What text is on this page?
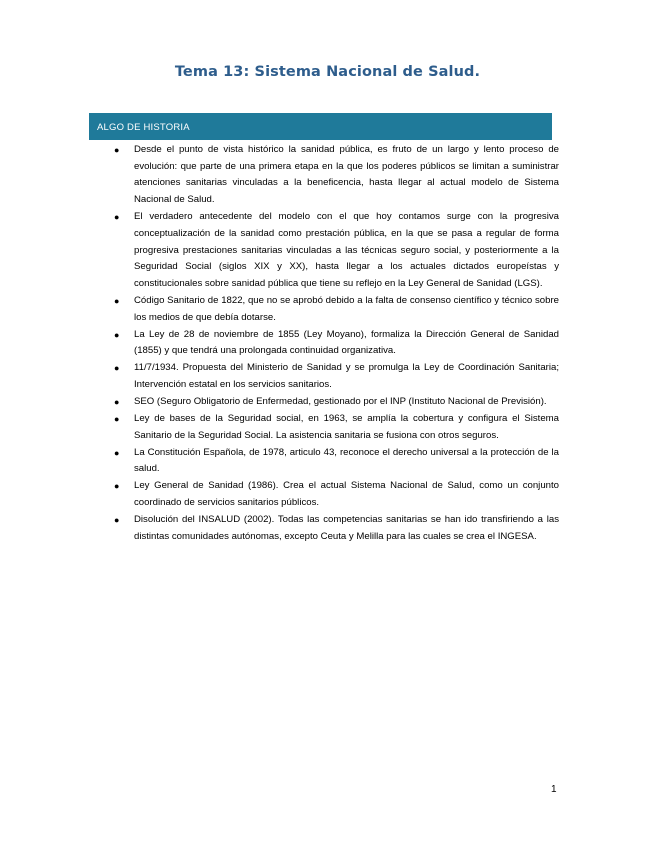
Tema 13: Sistema Nacional de Salud.
ALGO DE HISTORIA
● Desde el punto de vista histórico la sanidad pública, es fruto de un largo y lento proceso de evolución: que parte de una primera etapa en la que los poderes públicos se limitan a suministrar atenciones sanitarias vinculadas a la beneficencia, hasta llegar al actual modelo de Sistema Nacional de Salud.
● El verdadero antecedente del modelo con el que hoy contamos surge con la progresiva conceptualización de la sanidad como prestación pública, en la que se pasa a regular de forma progresiva prestaciones sanitarias vinculadas a las técnicas seguro social, y posteriormente a la Seguridad Social (siglos XIX y XX), hasta llegar a los actuales dictados europeístas y constitucionales sobre sanidad pública que tiene su reflejo en la Ley General de Sanidad (LGS).
● Código Sanitario de 1822, que no se aprobó debido a la falta de consenso científico y técnico sobre los medios de que debía dotarse.
● La Ley de 28 de noviembre de 1855 (Ley Moyano), formaliza la Dirección General de Sanidad (1855) y que tendrá una prolongada continuidad organizativa.
● 11/7/1934. Propuesta del Ministerio de Sanidad y se promulga la Ley de Coordinación Sanitaria; Intervención estatal en los servicios sanitarios.
● SEO (Seguro Obligatorio de Enfermedad, gestionado por el INP (Instituto Nacional de Previsión).
● Ley de bases de la Seguridad social, en 1963, se amplía la cobertura y configura el Sistema Sanitario de la Seguridad Social. La asistencia sanitaria se fusiona con otros seguros.
● La Constitución Española, de 1978, articulo 43, reconoce el derecho universal a la protección de la salud.
● Ley General de Sanidad (1986). Crea el actual Sistema Nacional de Salud, como un conjunto coordinado de servicios sanitarios públicos.
● Disolución del INSALUD (2002). Todas las competencias sanitarias se han ido transfiriendo a las distintas comunidades autónomas, excepto Ceuta y Melilla para las cuales se crea el INGESA.
1
